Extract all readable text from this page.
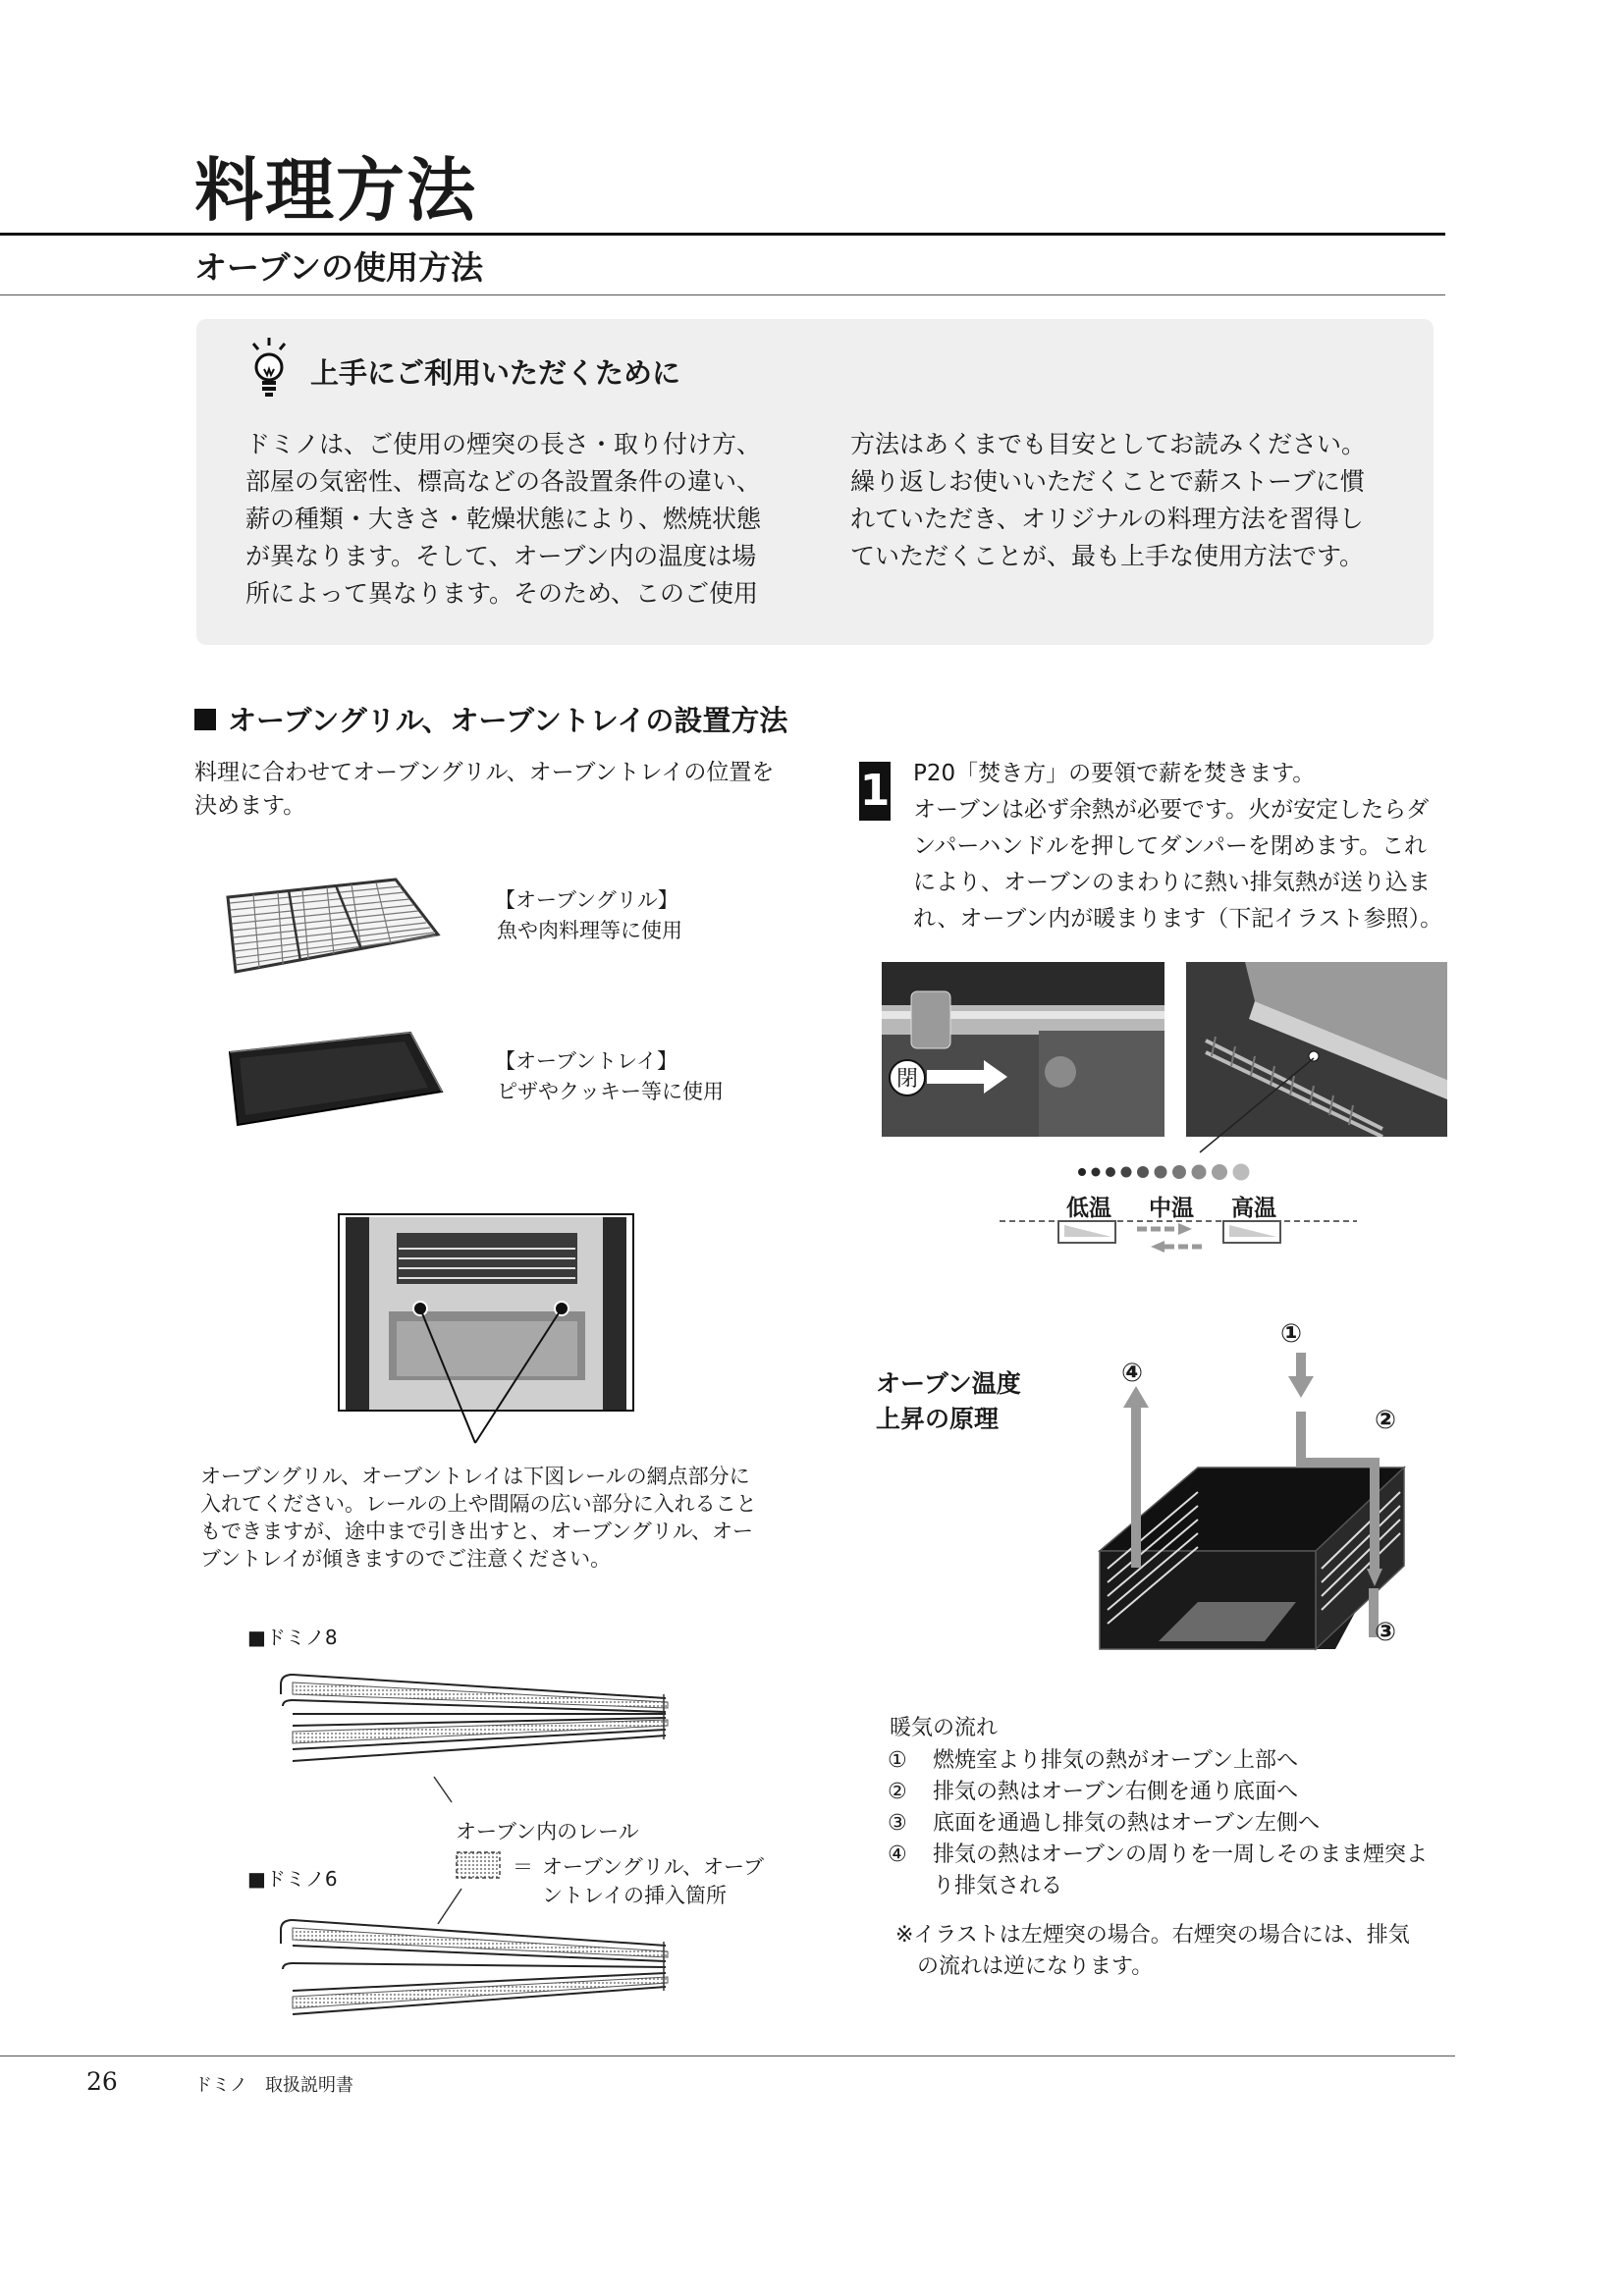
料理方法
オーブンの使用方法
上手にご利用いただくために
ドミノは、ご使用の煙突の長さ・取り付け方、
部屋の気密性、標高などの各設置条件の違い、
薪の種類・大きさ・乾燥状態により、燃焼状態
が異なります。そして、オーブン内の温度は場
所によって異なります。そのため、このご使用
方法はあくまでも目安としてお読みください。
繰り返しお使いいただくことで薪ストーブに慣
れていただき、オリジナルの料理方法を習得し
ていただくことが、最も上手な使用方法です。
オーブングリル、オーブントレイの設置方法
料理に合わせてオーブングリル、オーブントレイの位置を
決めます。
【オーブングリル】
魚や肉料理等に使用
【オーブントレイ】
ピザやクッキー等に使用
オーブングリル、オーブントレイは下図レールの網点部分に
入れてください。レールの上や間隔の広い部分に入れること
もできますが、途中まで引き出すと、オーブングリル、オー
ブントレイが傾きますのでご注意ください。
■ドミノ8
オーブン内のレール
＝ オーブングリル、オーブ
ントレイの挿入箇所
■ドミノ6
1 P20「焚き方」の要領で薪を焚きます。
オーブンは必ず余熱が必要です。火が安定したらダ
ンパーハンドルを押してダンパーを閉めます。これ
により、オーブンのまわりに熱い排気熱が送り込ま
れ、オーブン内が暖まります（下記イラスト参照）。
閉
低温 中温 高温
オーブン温度
上昇の原理
①
②
③
④
暖気の流れ
①	燃焼室より排気の熱がオーブン上部へ
②	排気の熱はオーブン右側を通り底面へ
③	底面を通過し排気の熱はオーブン左側へ
④	排気の熱はオーブンの周りを一周しそのまま煙突よ
り排気される
※イラストは左煙突の場合。右煙突の場合には、排気
　の流れは逆になります。
26	ドミノ　取扱説明書
